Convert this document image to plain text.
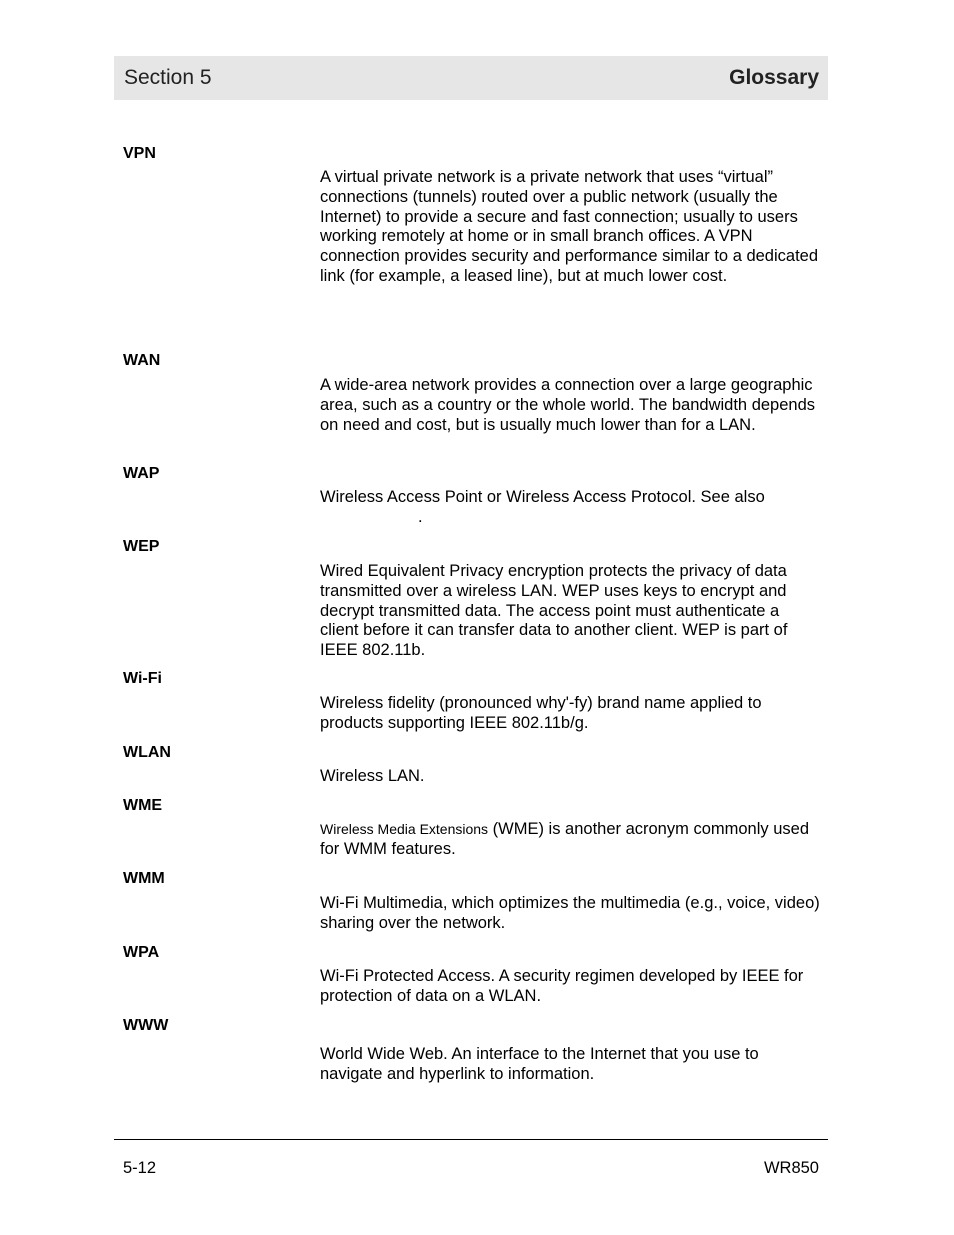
Section 5	Glossary
VPN
A virtual private network is a private network that uses “virtual” connections (tunnels) routed over a public network (usually the Internet) to provide a secure and fast connection; usually to users working remotely at home or in small branch offices. A VPN connection provides security and performance similar to a dedicated link (for example, a leased line), but at much lower cost.
WAN
A wide-area network provides a connection over a large geographic area, such as a country or the whole world. The bandwidth depends on need and cost, but is usually much lower than for a LAN.
WAP
Wireless Access Point or Wireless Access Protocol. See also
.
WEP
Wired Equivalent Privacy encryption protects the privacy of data transmitted over a wireless LAN. WEP uses keys to encrypt and decrypt transmitted data. The access point must authenticate a client before it can transfer data to another client. WEP is part of IEEE 802.11b.
Wi-Fi
Wireless fidelity (pronounced why'-fy) brand name applied to products supporting IEEE 802.11b/g.
WLAN
Wireless LAN.
WME
Wireless Media Extensions (WME) is another acronym commonly used for WMM features.
WMM
Wi-Fi Multimedia, which optimizes the multimedia (e.g., voice, video) sharing over the network.
WPA
Wi-Fi Protected Access. A security regimen developed by IEEE for protection of data on a WLAN.
WWW
World Wide Web. An interface to the Internet that you use to navigate and hyperlink to information.
5-12	WR850
